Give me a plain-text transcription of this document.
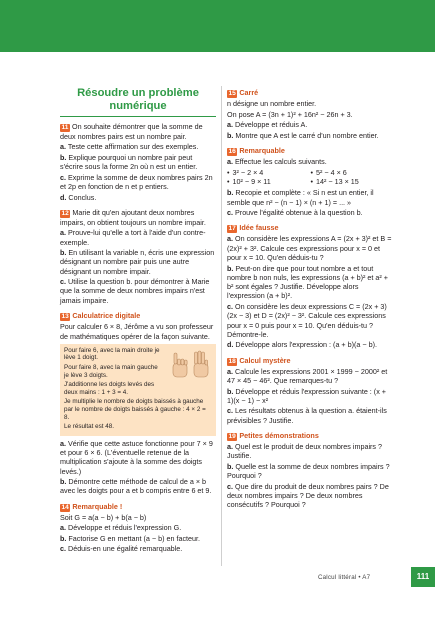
Résoudre un problème numérique

11 On souhaite démontrer que la somme de deux nombres pairs est un nombre pair.

a. Teste cette affirmation sur des exemples.

b. Explique pourquoi un nombre pair peut s'écrire sous la forme 2n où n est un entier.

c. Exprime la somme de deux nombres pairs 2n et 2p en fonction de n et p entiers.

d. Conclus.

12 Marie dit qu'en ajoutant deux nombres impairs, on obtient toujours un nombre impair.

a. Prouve-lui qu'elle a tort à l'aide d'un contre-exemple.

b. En utilisant la variable n, écris une expression désignant un nombre pair puis une autre désignant un nombre impair.

c. Utilise la question b. pour démontrer à Marie que la somme de deux nombres impairs n'est jamais impaire.

13 Calculatrice digitale

Pour calculer 6 × 8, Jérôme a vu son professeur de mathématiques opérer de la façon suivante.

Pour faire 6, avec la main droite je lève 1 doigt.

Pour faire 8, avec la main gauche je lève 3 doigts.

J'additionne les doigts levés des deux mains : 1 + 3 = 4.

Je multiplie le nombre de doigts baissés à gauche par le nombre de doigts baissés à gauche : 4 × 2 = 8.

Le résultat est 48.

a. Vérifie que cette astuce fonctionne pour 7 × 9 et pour 6 × 6. (L'éventuelle retenue de la multiplication s'ajoute à la somme des doigts levés.)

b. Démontre cette méthode de calcul de a × b avec les doigts pour a et b compris entre 6 et 9.

14 Remarquable !

Soit G = a(a − b) + b(a − b)

a. Développe et réduis l'expression G.

b. Factorise G en mettant (a − b) en facteur.

c. Déduis-en une égalité remarquable.

15 Carré

n désigne un nombre entier.

On pose A = (3n + 1)² + 16n² − 26n + 3.

a. Développe et réduis A.

b. Montre que A est le carré d'un nombre entier.

16 Remarquable

a. Effectue les calculs suivants.

• 3² − 2 × 4	• 5² − 4 × 6
• 10² − 9 × 11	• 14² − 13 × 15

b. Recopie et complète : « Si n est un entier, il semble que n² − (n − 1) × (n + 1) = ... »

c. Prouve l'égalité obtenue à la question b.

17 Idée fausse

a. On considère les expressions A = (2x + 3)² et B = (2x)² + 3². Calcule ces expressions pour x = 0 et pour x = 10. Qu'en déduis-tu ?

b. Peut-on dire que pour tout nombre a et tout nombre b non nuls, les expressions (a + b)² et a² + b² sont égales ? Justifie. Développe alors l'expression (a + b)².

c. On considère les deux expressions C = (2x + 3)(2x − 3) et D = (2x)² − 3². Calcule ces expressions pour x = 0 puis pour x = 10. Qu'en déduis-tu ? Démontre-le.

d. Développe alors l'expression : (a + b)(a − b).

18 Calcul mystère

a. Calcule les expressions 2001 × 1999 − 2000² et 47 × 45 − 46². Que remarques-tu ?

b. Développe et réduis l'expression suivante : (x + 1)(x − 1) − x²

c. Les résultats obtenus à la question a. étaient-ils prévisibles ? Justifie.

19 Petites démonstrations

a. Quel est le produit de deux nombres impairs ? Justifie.

b. Quelle est la somme de deux nombres impairs ? Pourquoi ?

c. Que dire du produit de deux nombres pairs ? De deux nombres impairs ? De deux nombres consécutifs ? Pourquoi ?

Calcul littéral • A7	111
